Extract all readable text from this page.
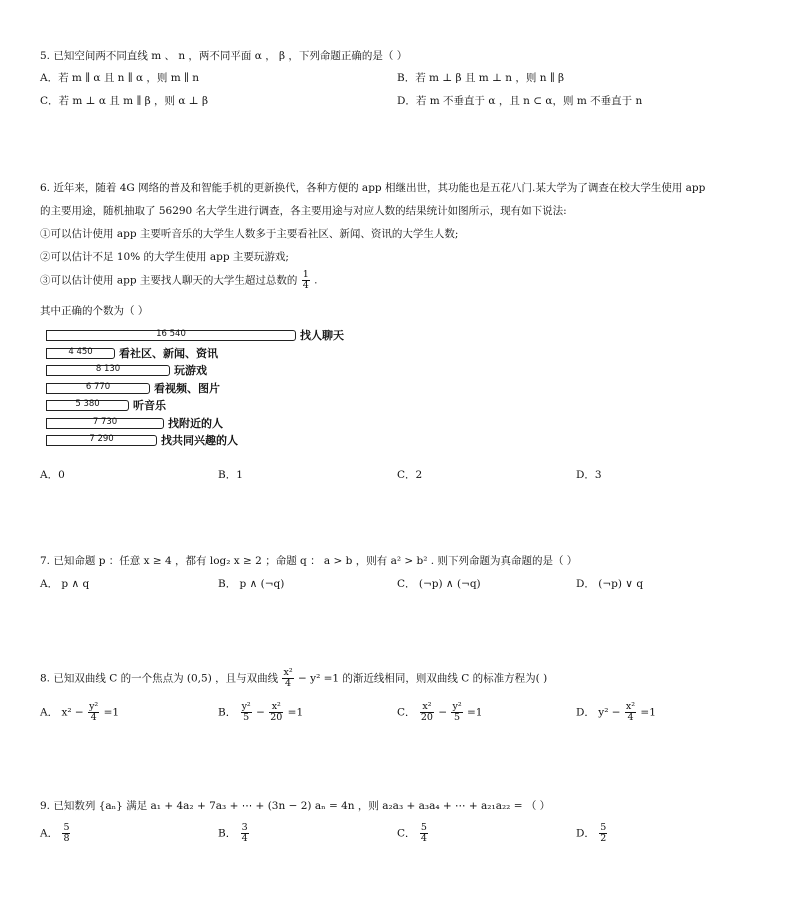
5. 已知空间两不同直线 m 、 n ，两不同平面 α ， β ，下列命题正确的是（ ）
A．若 m ∥ α 且 n ∥ α ，则 m ∥ n	B．若 m ⊥ β 且 m ⊥ n ，则 n ∥ β
C．若 m ⊥ α 且 m ∥ β ，则 α ⊥ β	D．若 m 不垂直于 α ，且 n ⊂ α，则 m 不垂直于 n
6. 近年来，随着 4G 网络的普及和智能手机的更新换代，各种方便的 app 相继出世，其功能也是五花八门.某大学为了调查在校大学生使用 app
的主要用途，随机抽取了 56290 名大学生进行调查，各主要用途与对应人数的结果统计如图所示，现有如下说法:
①可以估计使用 app 主要听音乐的大学生人数多于主要看社区、新闻、资讯的大学生人数;
②可以估计不足 10% 的大学生使用 app 主要玩游戏;
③可以估计使用 app 主要找人聊天的大学生超过总数的 $\frac{1}{4}$ .
其中正确的个数为（ ）
16 540	找人聊天
4 450	看社区、新闻、资讯
8 130	玩游戏
6 770	看视频、图片
5 380	听音乐
7 730	找附近的人
7 290	找共同兴趣的人
A．0	B．1	C．2	D．3
7. 已知命题 p ：任意 x ≥ 4 ，都有 log₂ x ≥ 2 ；命题 q ： a > b ，则有 a² > b² . 则下列命题为真命题的是（ ）
A． p ∧ q	B． p ∧ (¬q)	C． (¬p) ∧ (¬q)	D． (¬p) ∨ q
8. 已知双曲线 C 的一个焦点为 (0,5) ，且与双曲线 $\frac{\text{x²}}{4} - y^2 =1$ 的渐近线相同，则双曲线 C 的标准方程为( )
A． $x^2 - \frac{\text{y²}}{4} =1$	B． $\frac{\text{y²}}{5} - \frac{\text{x²}}{20} =1$	C． $\frac{\text{x²}}{20} - \frac{\text{y²}}{5} =1$	D． $y^2 - \frac{\text{x²}}{4} =1$
9. 已知数列 {aₙ} 满足 a₁ + 4a₂ + 7a₃ + ⋯ + (3n − 2) aₙ = 4n ，则 a₂a₃ + a₃a₄ + ⋯ + a₂₁a₂₂ = （ ）
A． $\frac{5}{8}$	B． $\frac{3}{4}$	C． $\frac{5}{4}$	D． $\frac{5}{2}$
